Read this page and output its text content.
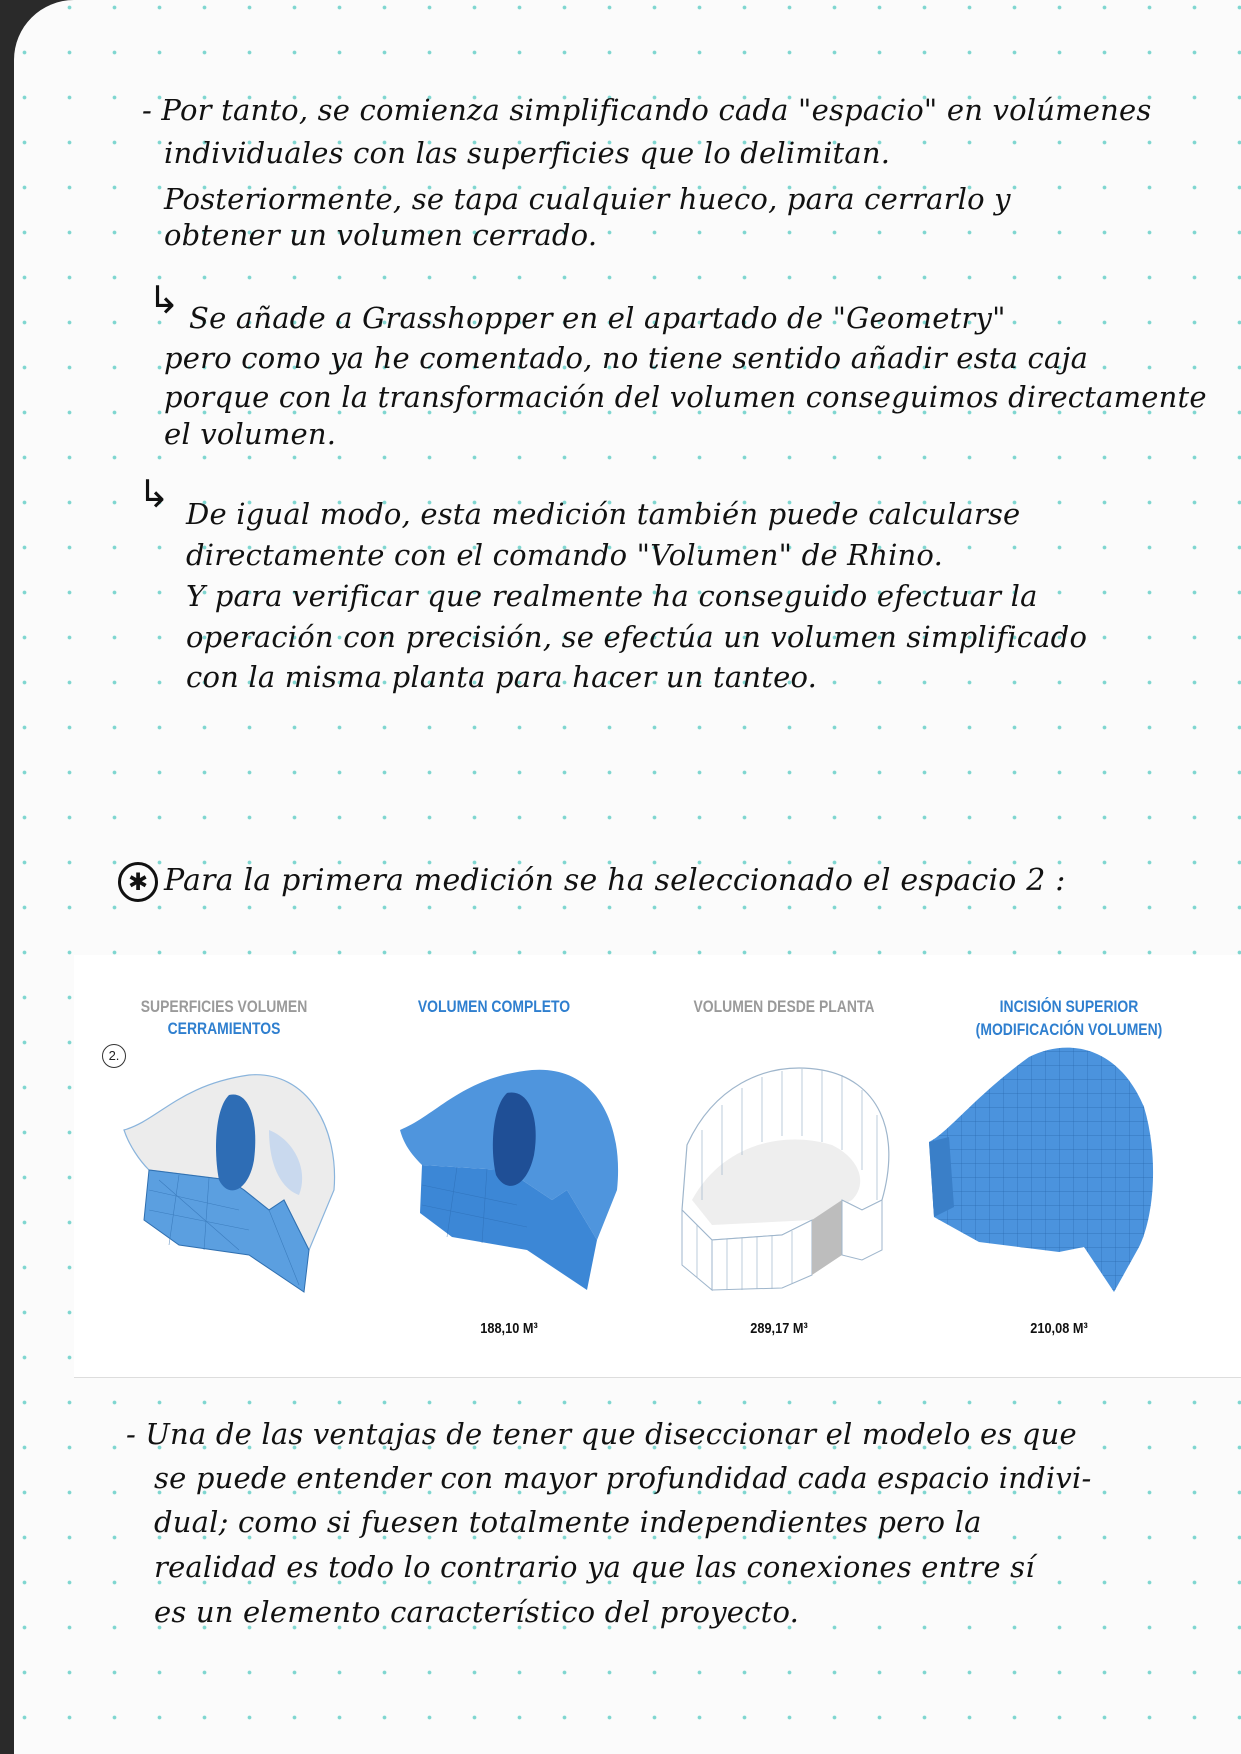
- Por tanto, se comienza simplificando cada "espacio" en volúmenes
individuales con las superficies que lo delimitan.
Posteriormente, se tapa cualquier hueco, para cerrarlo y
obtener un volumen cerrado.
↳ Se añade a Grasshopper en el apartado de "Geometry"
pero como ya he comentado, no tiene sentido añadir esta caja
porque con la transformación del volumen conseguimos directamente
el volumen.
↳ De igual modo, esta medición también puede calcularse
directamente con el comando "Volumen" de Rhino.
Y para verificar que realmente ha conseguido efectuar la
operación con precisión, se efectúa un volumen simplificado
con la misma planta para hacer un tanteo.
✱ Para la primera medición se ha seleccionado el espacio 2 :
2.
SUPERFICIES VOLUMEN
CERRAMIENTOS
VOLUMEN COMPLETO	VOLUMEN DESDE PLANTA	INCISIÓN SUPERIOR
(MODIFICACIÓN VOLUMEN)
188,10 M³	289,17 M³	210,08 M³
- Una de las ventajas de tener que diseccionar el modelo es que
se puede entender con mayor profundidad cada espacio indivi-
dual; como si fuesen totalmente independientes pero la
realidad es todo lo contrario ya que las conexiones entre sí
es un elemento característico del proyecto.
